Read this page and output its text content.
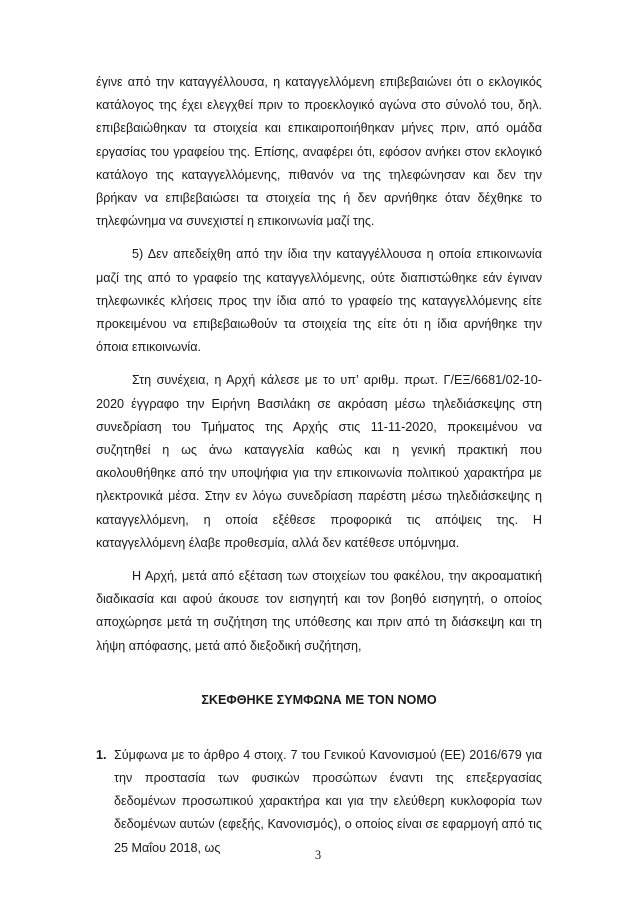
έγινε από την καταγγέλλουσα, η καταγγελλόμενη επιβεβαιώνει ότι ο εκλογικός κατάλογος της έχει ελεγχθεί πριν το προεκλογικό αγώνα στο σύνολό του, δηλ. επιβεβαιώθηκαν τα στοιχεία και επικαιροποιήθηκαν μήνες πριν, από ομάδα εργασίας του γραφείου της. Επίσης, αναφέρει ότι, εφόσον ανήκει στον εκλογικό κατάλογο της καταγγελλόμενης, πιθανόν να της τηλεφώνησαν και δεν την βρήκαν να επιβεβαιώσει τα στοιχεία της ή δεν αρνήθηκε όταν δέχθηκε το τηλεφώνημα να συνεχιστεί η επικοινωνία μαζί της.

5) Δεν απεδείχθη από την ίδια την καταγγέλλουσα η οποία επικοινωνία μαζί της από το γραφείο της καταγγελλόμενης, ούτε διαπιστώθηκε εάν έγιναν τηλεφωνικές κλήσεις προς την ίδια από το γραφείο της καταγγελλόμενης είτε προκειμένου να επιβεβαιωθούν τα στοιχεία της είτε ότι η ίδια αρνήθηκε την όποια επικοινωνία.

Στη συνέχεια, η Αρχή κάλεσε με το υπ’ αριθμ. πρωτ. Γ/ΕΞ/6681/02-10-2020 έγγραφο την Ειρήνη Βασιλάκη σε ακρόαση μέσω τηλεδιάσκεψης στη συνεδρίαση του Τμήματος της Αρχής στις 11-11-2020, προκειμένου να συζητηθεί η ως άνω καταγγελία καθώς και η γενική πρακτική που ακολουθήθηκε από την υποψήφια για την επικοινωνία πολιτικού χαρακτήρα με ηλεκτρονικά μέσα. Στην εν λόγω συνεδρίαση παρέστη μέσω τηλεδιάσκεψης η καταγγελλόμενη, η οποία εξέθεσε προφορικά τις απόψεις της. Η καταγγελλόμενη έλαβε προθεσμία, αλλά δεν κατέθεσε υπόμνημα.

Η Αρχή, μετά από εξέταση των στοιχείων του φακέλου, την ακροαματική διαδικασία και αφού άκουσε τον εισηγητή και τον βοηθό εισηγητή, ο οποίος αποχώρησε μετά τη συζήτηση της υπόθεσης και πριν από τη διάσκεψη και τη λήψη απόφασης, μετά από διεξοδική συζήτηση,

ΣΚΕΦΘΗΚΕ ΣΥΜΦΩΝΑ ΜΕ ΤΟΝ ΝΟΜΟ
1. Σύμφωνα με το άρθρο 4 στοιχ. 7 του Γενικού Κανονισμού (ΕΕ) 2016/679 για την προστασία των φυσικών προσώπων έναντι της επεξεργασίας δεδομένων προσωπικού χαρακτήρα και για την ελεύθερη κυκλοφορία των δεδομένων αυτών (εφεξής, Κανονισμός), ο οποίος είναι σε εφαρμογή από τις 25 Μαΐου 2018, ως

3
